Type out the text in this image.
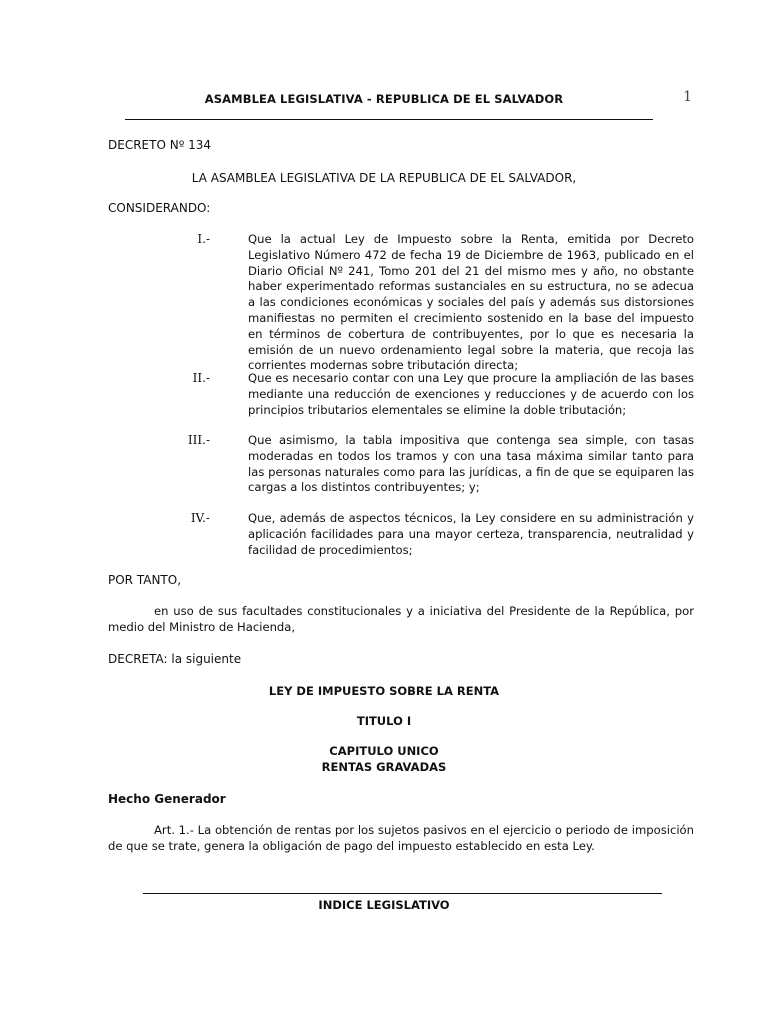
ASAMBLEA LEGISLATIVA - REPUBLICA DE EL SALVADOR	1
DECRETO Nº 134
LA ASAMBLEA LEGISLATIVA DE LA REPUBLICA DE EL SALVADOR,
CONSIDERANDO:
I.-	Que la actual Ley de Impuesto sobre la Renta, emitida por Decreto Legislativo Número 472 de fecha 19 de Diciembre de 1963, publicado en el Diario Oficial Nº 241, Tomo 201 del 21 del mismo mes y año, no obstante haber experimentado reformas sustanciales en su estructura, no se adecua a las condiciones económicas y sociales del país y además sus distorsiones manifiestas no permiten el crecimiento sostenido en la base del impuesto en términos de cobertura de contribuyentes, por lo que es necesaria la emisión de un nuevo ordenamiento legal sobre la materia, que recoja las corrientes modernas sobre tributación directa;

II.-	Que es necesario contar con una Ley que procure la ampliación de las bases mediante una reducción de exenciones y reducciones y de acuerdo con los principios tributarios elementales se elimine la doble tributación;

III.-	Que asimismo, la tabla impositiva que contenga sea simple, con tasas moderadas en todos los tramos y con una tasa máxima similar tanto para las personas naturales como para las jurídicas, a fin de que se equiparen las cargas a los distintos contribuyentes; y;

IV.-	Que, además de aspectos técnicos, la Ley considere en su administración y aplicación facilidades para una mayor certeza, transparencia, neutralidad y facilidad de procedimientos;

POR TANTO,
en uso de sus facultades constitucionales y a iniciativa del Presidente de la República, por medio del Ministro de Hacienda,
DECRETA: la siguiente
LEY DE IMPUESTO SOBRE LA RENTA
TITULO I
CAPITULO UNICO
RENTAS GRAVADAS
Hecho Generador
Art. 1.- La obtención de rentas por los sujetos pasivos en el ejercicio o periodo de imposición de que se trate, genera la obligación de pago del impuesto establecido en esta Ley.
INDICE LEGISLATIVO
